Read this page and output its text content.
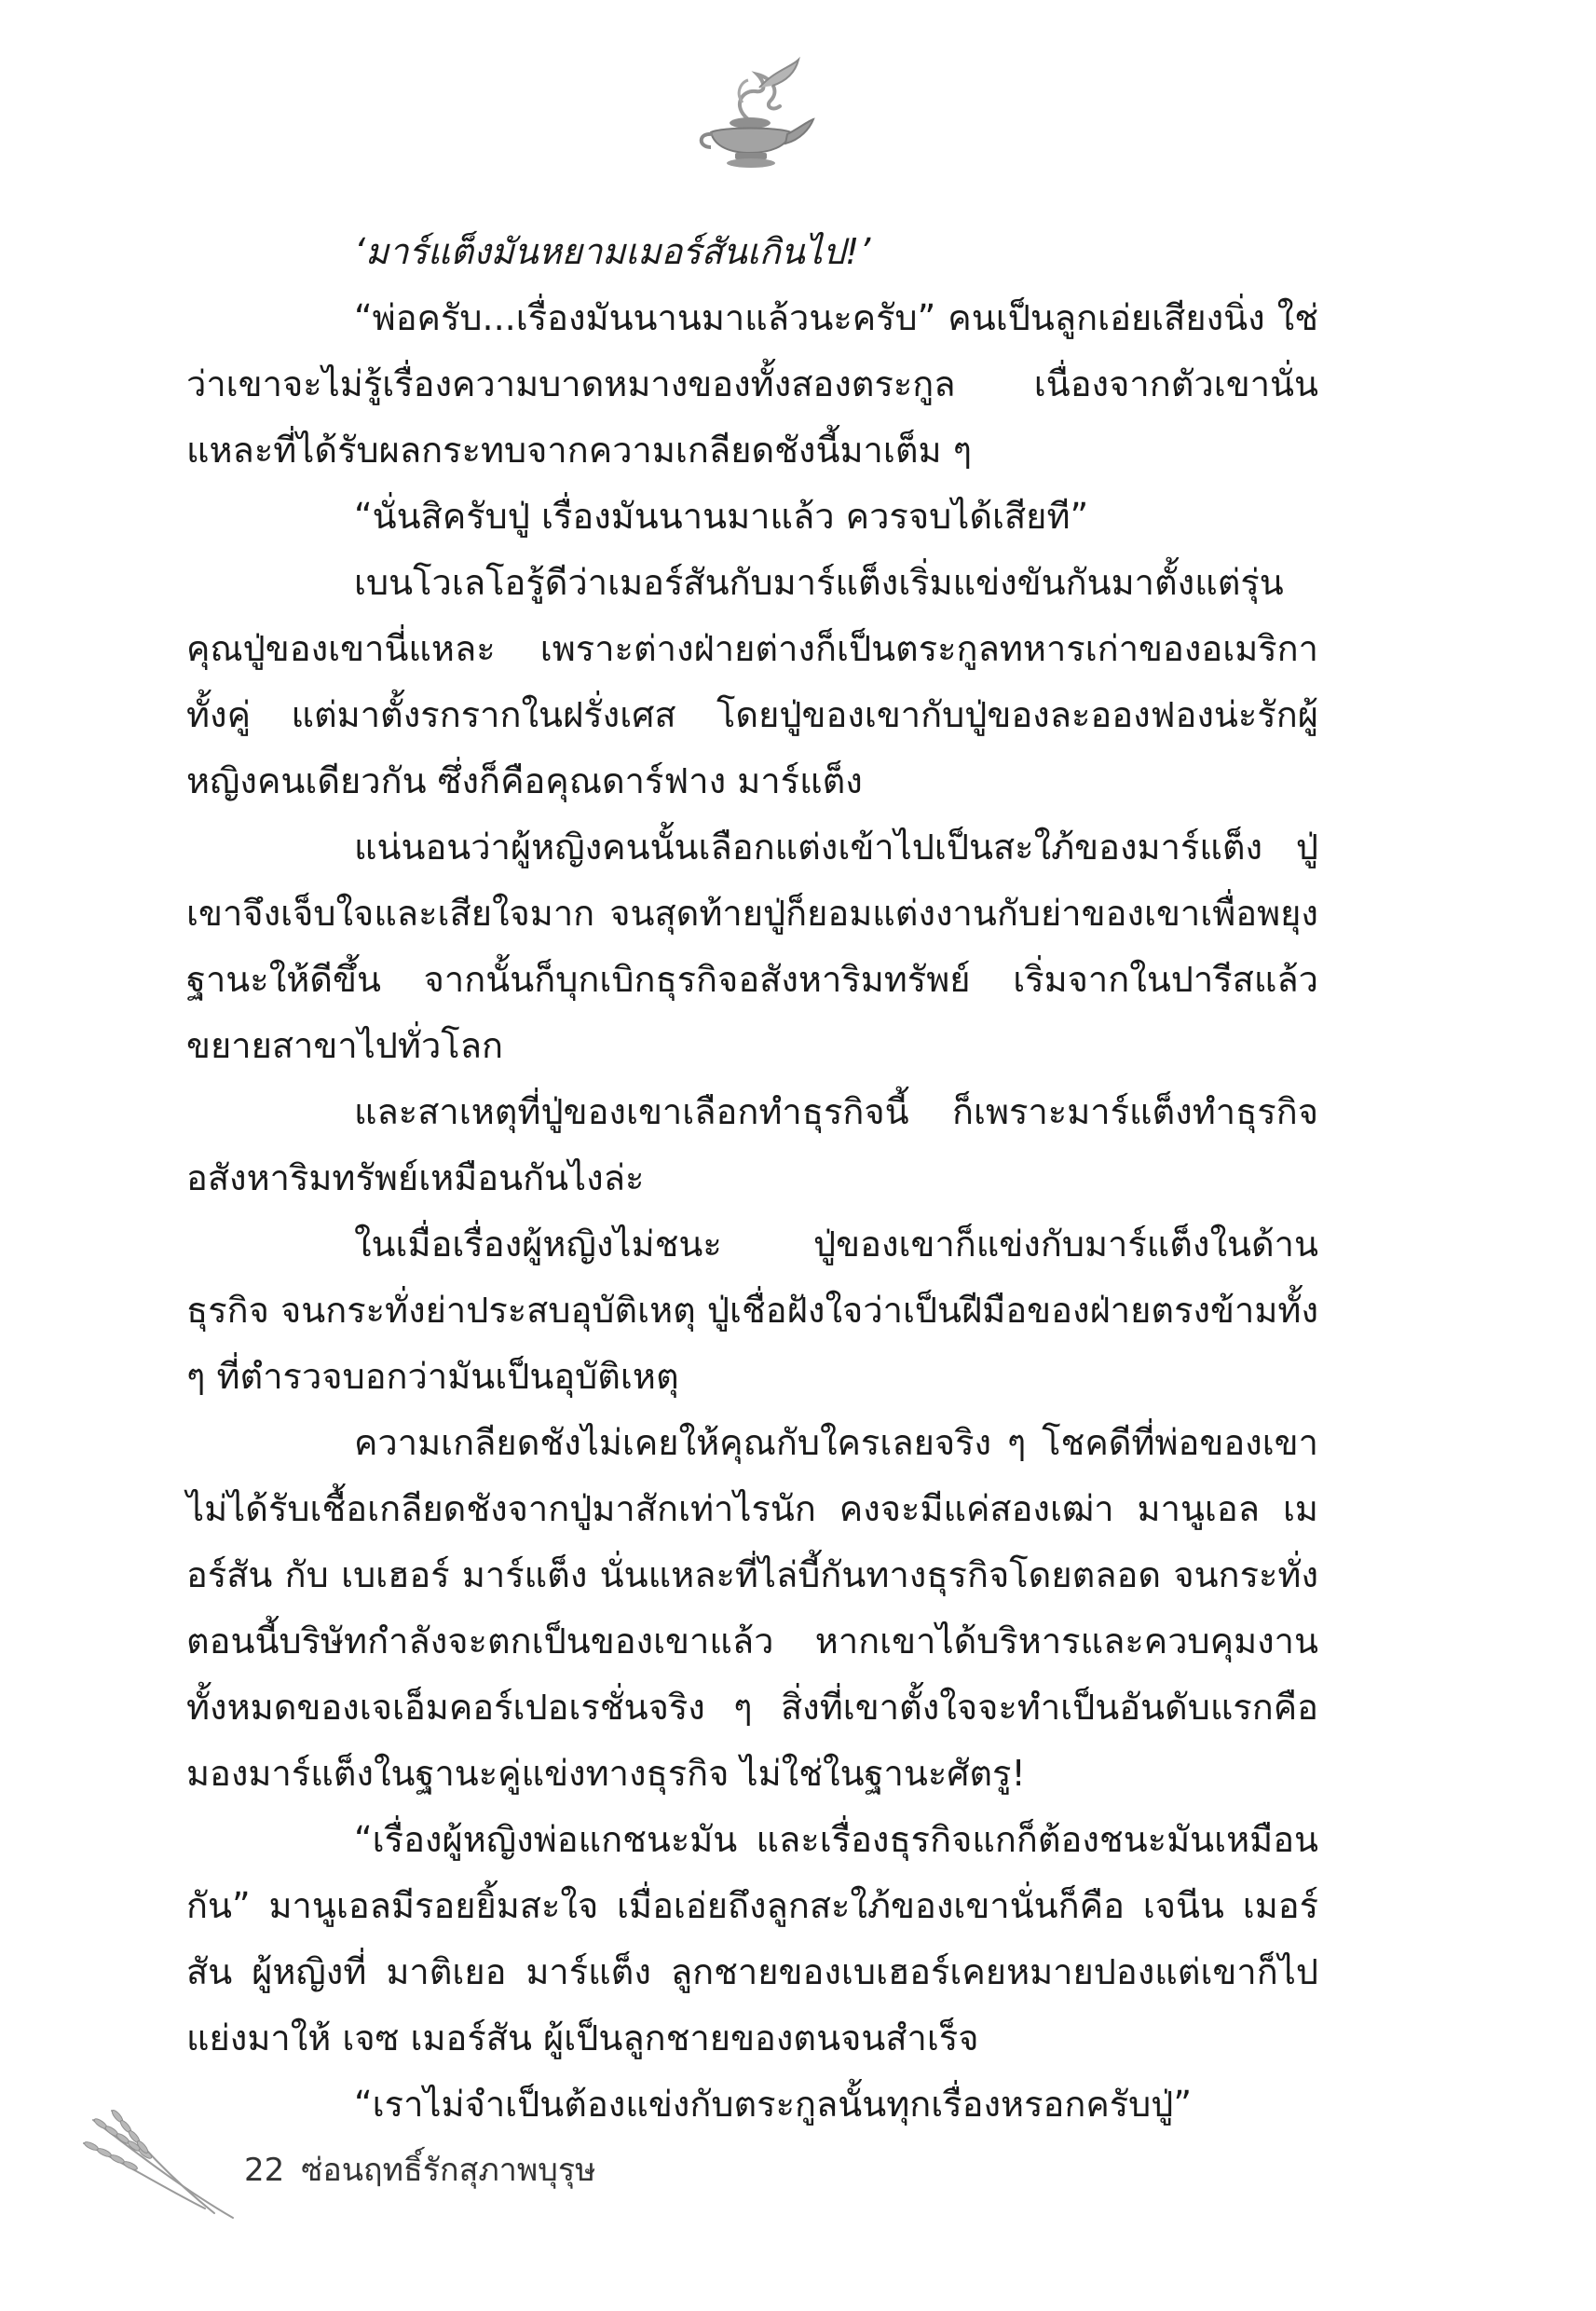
‘มาร์แต็งมันหยามเมอร์สันเกินไป!’

“พ่อครับ...เรื่องมันนานมาแล้วนะครับ” คนเป็นลูกเอ่ยเสียงนิ่ง ใช่ว่าเขาจะไม่รู้เรื่องความบาดหมางของทั้งสองตระกูล เนื่องจากตัวเขานั่นแหละที่ได้รับผลกระทบจากความเกลียดชังนี้มาเต็ม ๆ

“นั่นสิครับปู่ เรื่องมันนานมาแล้ว ควรจบได้เสียที”

เบนโวเลโอรู้ดีว่าเมอร์สันกับมาร์แต็งเริ่มแข่งขันกันมาตั้งแต่รุ่นคุณปู่ของเขานี่แหละ เพราะต่างฝ่ายต่างก็เป็นตระกูลทหารเก่าของอเมริกาทั้งคู่ แต่มาตั้งรกรากในฝรั่งเศส โดยปู่ของเขากับปู่ของละอองฟองน่ะรักผู้หญิงคนเดียวกัน ซึ่งก็คือคุณดาร์ฟาง มาร์แต็ง

แน่นอนว่าผู้หญิงคนนั้นเลือกแต่งเข้าไปเป็นสะใภ้ของมาร์แต็ง ปู่เขาจึงเจ็บใจและเสียใจมาก จนสุดท้ายปู่ก็ยอมแต่งงานกับย่าของเขาเพื่อพยุงฐานะให้ดีขึ้น จากนั้นก็บุกเบิกธุรกิจอสังหาริมทรัพย์ เริ่มจากในปารีสแล้วขยายสาขาไปทั่วโลก

และสาเหตุที่ปู่ของเขาเลือกทำธุรกิจนี้ ก็เพราะมาร์แต็งทำธุรกิจอสังหาริมทรัพย์เหมือนกันไงล่ะ

ในเมื่อเรื่องผู้หญิงไม่ชนะ ปู่ของเขาก็แข่งกับมาร์แต็งในด้านธุรกิจ จนกระทั่งย่าประสบอุบัติเหตุ ปู่เชื่อฝังใจว่าเป็นฝีมือของฝ่ายตรงข้ามทั้ง ๆ ที่ตำรวจบอกว่ามันเป็นอุบัติเหตุ

ความเกลียดชังไม่เคยให้คุณกับใครเลยจริง ๆ โชคดีที่พ่อของเขาไม่ได้รับเชื้อเกลียดชังจากปู่มาสักเท่าไรนัก คงจะมีแค่สองเฒ่า มานูเอล เมอร์สัน กับ เบเฮอร์ มาร์แต็ง นั่นแหละที่ไล่บี้กันทางธุรกิจโดยตลอด จนกระทั่งตอนนี้บริษัทกำลังจะตกเป็นของเขาแล้ว หากเขาได้บริหารและควบคุมงานทั้งหมดของเจเอ็มคอร์เปอเรชั่นจริง ๆ สิ่งที่เขาตั้งใจจะทำเป็นอันดับแรกคือมองมาร์แต็งในฐานะคู่แข่งทางธุรกิจ ไม่ใช่ในฐานะศัตรู!

“เรื่องผู้หญิงพ่อแกชนะมัน และเรื่องธุรกิจแกก็ต้องชนะมันเหมือนกัน” มานูเอลมีรอยยิ้มสะใจ เมื่อเอ่ยถึงลูกสะใภ้ของเขานั่นก็คือ เจนีน เมอร์สัน ผู้หญิงที่ มาติเยอ มาร์แต็ง ลูกชายของเบเฮอร์เคยหมายปองแต่เขาก็ไปแย่งมาให้ เจซ เมอร์สัน ผู้เป็นลูกชายของตนจนสำเร็จ

“เราไม่จำเป็นต้องแข่งกับตระกูลนั้นทุกเรื่องหรอกครับปู่”

22 ซ่อนฤทธิ์รักสุภาพบุรุษ
